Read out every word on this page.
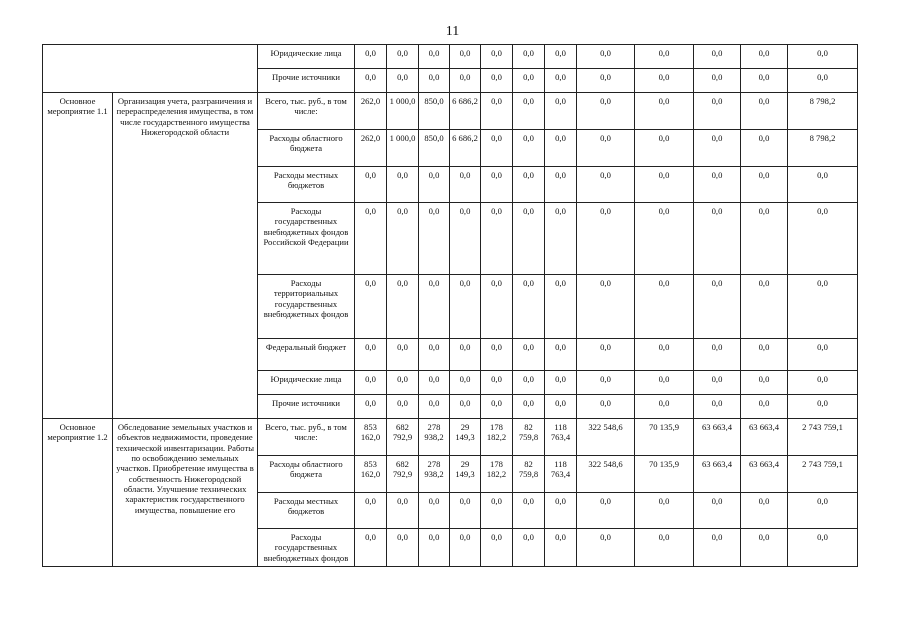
11
		Юридические лица	0,0	0,0	0,0	0,0	0,0	0,0	0,0	0,0	0,0	0,0	0,0	0,0
		Прочие источники	0,0	0,0	0,0	0,0	0,0	0,0	0,0	0,0	0,0	0,0	0,0	0,0
Основное мероприятие 1.1	Организация учета, разграничения и перераспределения имущества, в том числе государственного имущества Нижегородской области	Всего, тыс. руб., в том числе:	262,0	1 000,0	850,0	6 686,2	0,0	0,0	0,0	0,0	0,0	0,0	0,0	8 798,2
		Расходы областного бюджета	262,0	1 000,0	850,0	6 686,2	0,0	0,0	0,0	0,0	0,0	0,0	0,0	8 798,2
		Расходы местных бюджетов	0,0	0,0	0,0	0,0	0,0	0,0	0,0	0,0	0,0	0,0	0,0	0,0
		Расходы государственных внебюджетных фондов Российской Федерации	0,0	0,0	0,0	0,0	0,0	0,0	0,0	0,0	0,0	0,0	0,0	0,0
		Расходы территориальных государственных внебюджетных фондов	0,0	0,0	0,0	0,0	0,0	0,0	0,0	0,0	0,0	0,0	0,0	0,0
		Федеральный бюджет	0,0	0,0	0,0	0,0	0,0	0,0	0,0	0,0	0,0	0,0	0,0	0,0
		Юридические лица	0,0	0,0	0,0	0,0	0,0	0,0	0,0	0,0	0,0	0,0	0,0	0,0
		Прочие источники	0,0	0,0	0,0	0,0	0,0	0,0	0,0	0,0	0,0	0,0	0,0	0,0
Основное мероприятие 1.2	Обследование земельных участков и объектов недвижимости, проведение технической инвентаризации. Работы по освобождению земельных участков. Приобретение имущества в собственность Нижегородской области. Улучшение технических характеристик государственного имущества, повышение его	Всего, тыс. руб., в том числе:	853 162,0	682 792,9	278 938,2	29 149,3	178 182,2	82 759,8	118 763,4	322 548,6	70 135,9	63 663,4	63 663,4	2 743 759,1
		Расходы областного бюджета	853 162,0	682 792,9	278 938,2	29 149,3	178 182,2	82 759,8	118 763,4	322 548,6	70 135,9	63 663,4	63 663,4	2 743 759,1
		Расходы местных бюджетов	0,0	0,0	0,0	0,0	0,0	0,0	0,0	0,0	0,0	0,0	0,0	0,0
		Расходы государственных внебюджетных фондов	0,0	0,0	0,0	0,0	0,0	0,0	0,0	0,0	0,0	0,0	0,0	0,0
